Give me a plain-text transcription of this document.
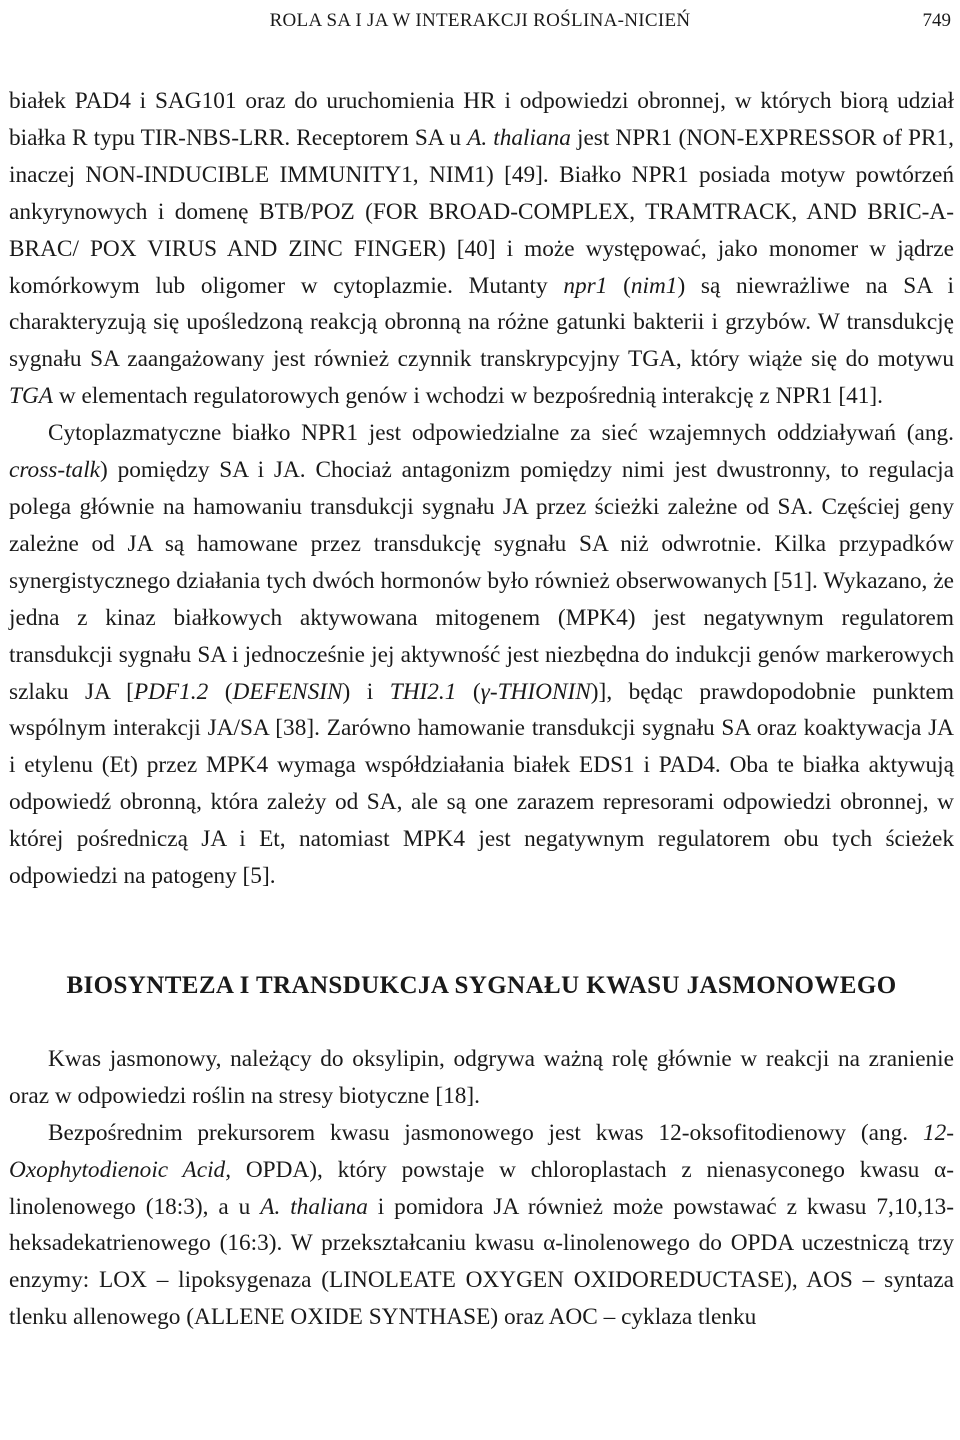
ROLA SA I JA W INTERAKCJI ROŚLINA-NICIEŃ	749

białek PAD4 i SAG101 oraz do uruchomienia HR i odpowiedzi obronnej, w których biorą udział białka R typu TIR-NBS-LRR. Receptorem SA u A. thaliana jest NPR1 (NON-EXPRESSOR of PR1, inaczej NON-INDUCIBLE IMMUNITY1, NIM1) [49]. Białko NPR1 posiada motyw powtórzeń ankyrynowych i domenę BTB/POZ (FOR BROAD-COMPLEX, TRAMTRACK, AND BRIC-A-BRAC/ POX VIRUS AND ZINC FINGER) [40] i może występować, jako monomer w jądrze komórkowym lub oligomer w cytoplazmie. Mutanty npr1 (nim1) są niewrażliwe na SA i charakteryzują się upośledzoną reakcją obronną na różne gatunki bakterii i grzybów. W transdukcję sygnału SA zaangażowany jest również czynnik transkrypcyjny TGA, który wiąże się do motywu TGA w elementach regulatorowych genów i wchodzi w bezpośrednią interakcję z NPR1 [41].

Cytoplazmatyczne białko NPR1 jest odpowiedzialne za sieć wzajemnych oddziaływań (ang. cross-talk) pomiędzy SA i JA. Chociaż antagonizm pomiędzy nimi jest dwustronny, to regulacja polega głównie na hamowaniu transdukcji sygnału JA przez ścieżki zależne od SA. Częściej geny zależne od JA są hamowane przez transdukcję sygnału SA niż odwrotnie. Kilka przypadków synergistycznego działania tych dwóch hormonów było również obserwowanych [51]. Wykazano, że jedna z kinaz białkowych aktywowana mitogenem (MPK4) jest negatywnym regulatorem transdukcji sygnału SA i jednocześnie jej aktywność jest niezbędna do indukcji genów markerowych szlaku JA [PDF1.2 (DEFENSIN) i THI2.1 (γ-THIONIN)], będąc prawdopodobnie punktem wspólnym interakcji JA/SA [38]. Zarówno hamowanie transdukcji sygnału SA oraz koaktywacja JA i etylenu (Et) przez MPK4 wymaga współdziałania białek EDS1 i PAD4. Oba te białka aktywują odpowiedź obronną, która zależy od SA, ale są one zarazem represorami odpowiedzi obronnej, w której pośredniczą JA i Et, natomiast MPK4 jest negatywnym regulatorem obu tych ścieżek odpowiedzi na patogeny [5].

BIOSYNTEZA I TRANSDUKCJA SYGNAŁU KWASU JASMONOWEGO

Kwas jasmonowy, należący do oksylipin, odgrywa ważną rolę głównie w reakcji na zranienie oraz w odpowiedzi roślin na stresy biotyczne [18].

Bezpośrednim prekursorem kwasu jasmonowego jest kwas 12-oksofitodienowy (ang. 12-Oxophytodienoic Acid, OPDA), który powstaje w chloroplastach z nienasyconego kwasu α-linolenowego (18:3), a u A. thaliana i pomidora JA również może powstawać z kwasu 7,10,13-heksadekatrienowego (16:3). W przekształcaniu kwasu α-linolenowego do OPDA uczestniczą trzy enzymy: LOX – lipoksygenaza (LINOLEATE OXYGEN OXIDOREDUCTASE), AOS – syntaza tlenku allenowego (ALLENE OXIDE SYNTHASE) oraz AOC – cyklaza tlenku
